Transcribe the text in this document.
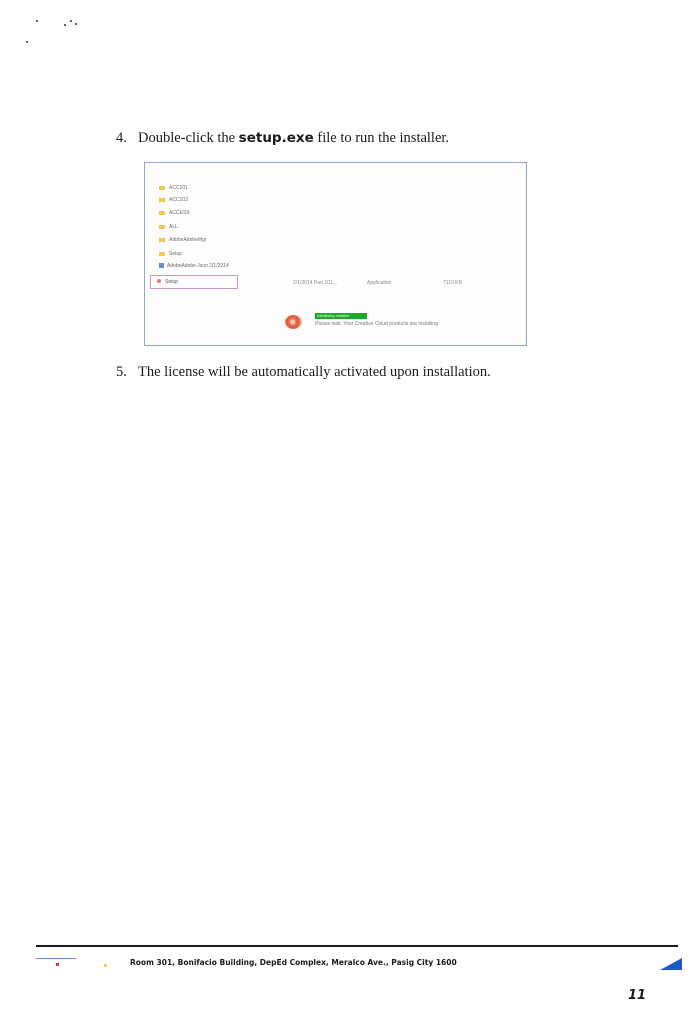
4. Double-click the setup.exe file to run the installer.
ACC101
ACC102
ACCESS
ALL
AdobeAdobeMgr
Setup
AdobeAdobe Json 2/1/2014
Setup	2/1/2014 Part 201...	Application	7110 KB
Initializing Installer
Please wait. Your Creative Cloud products are installing.
5. The license will be automatically activated upon installation.
Room 301, Bonifacio Building, DepEd Complex, Meralco Ave., Pasig City 1600
11
